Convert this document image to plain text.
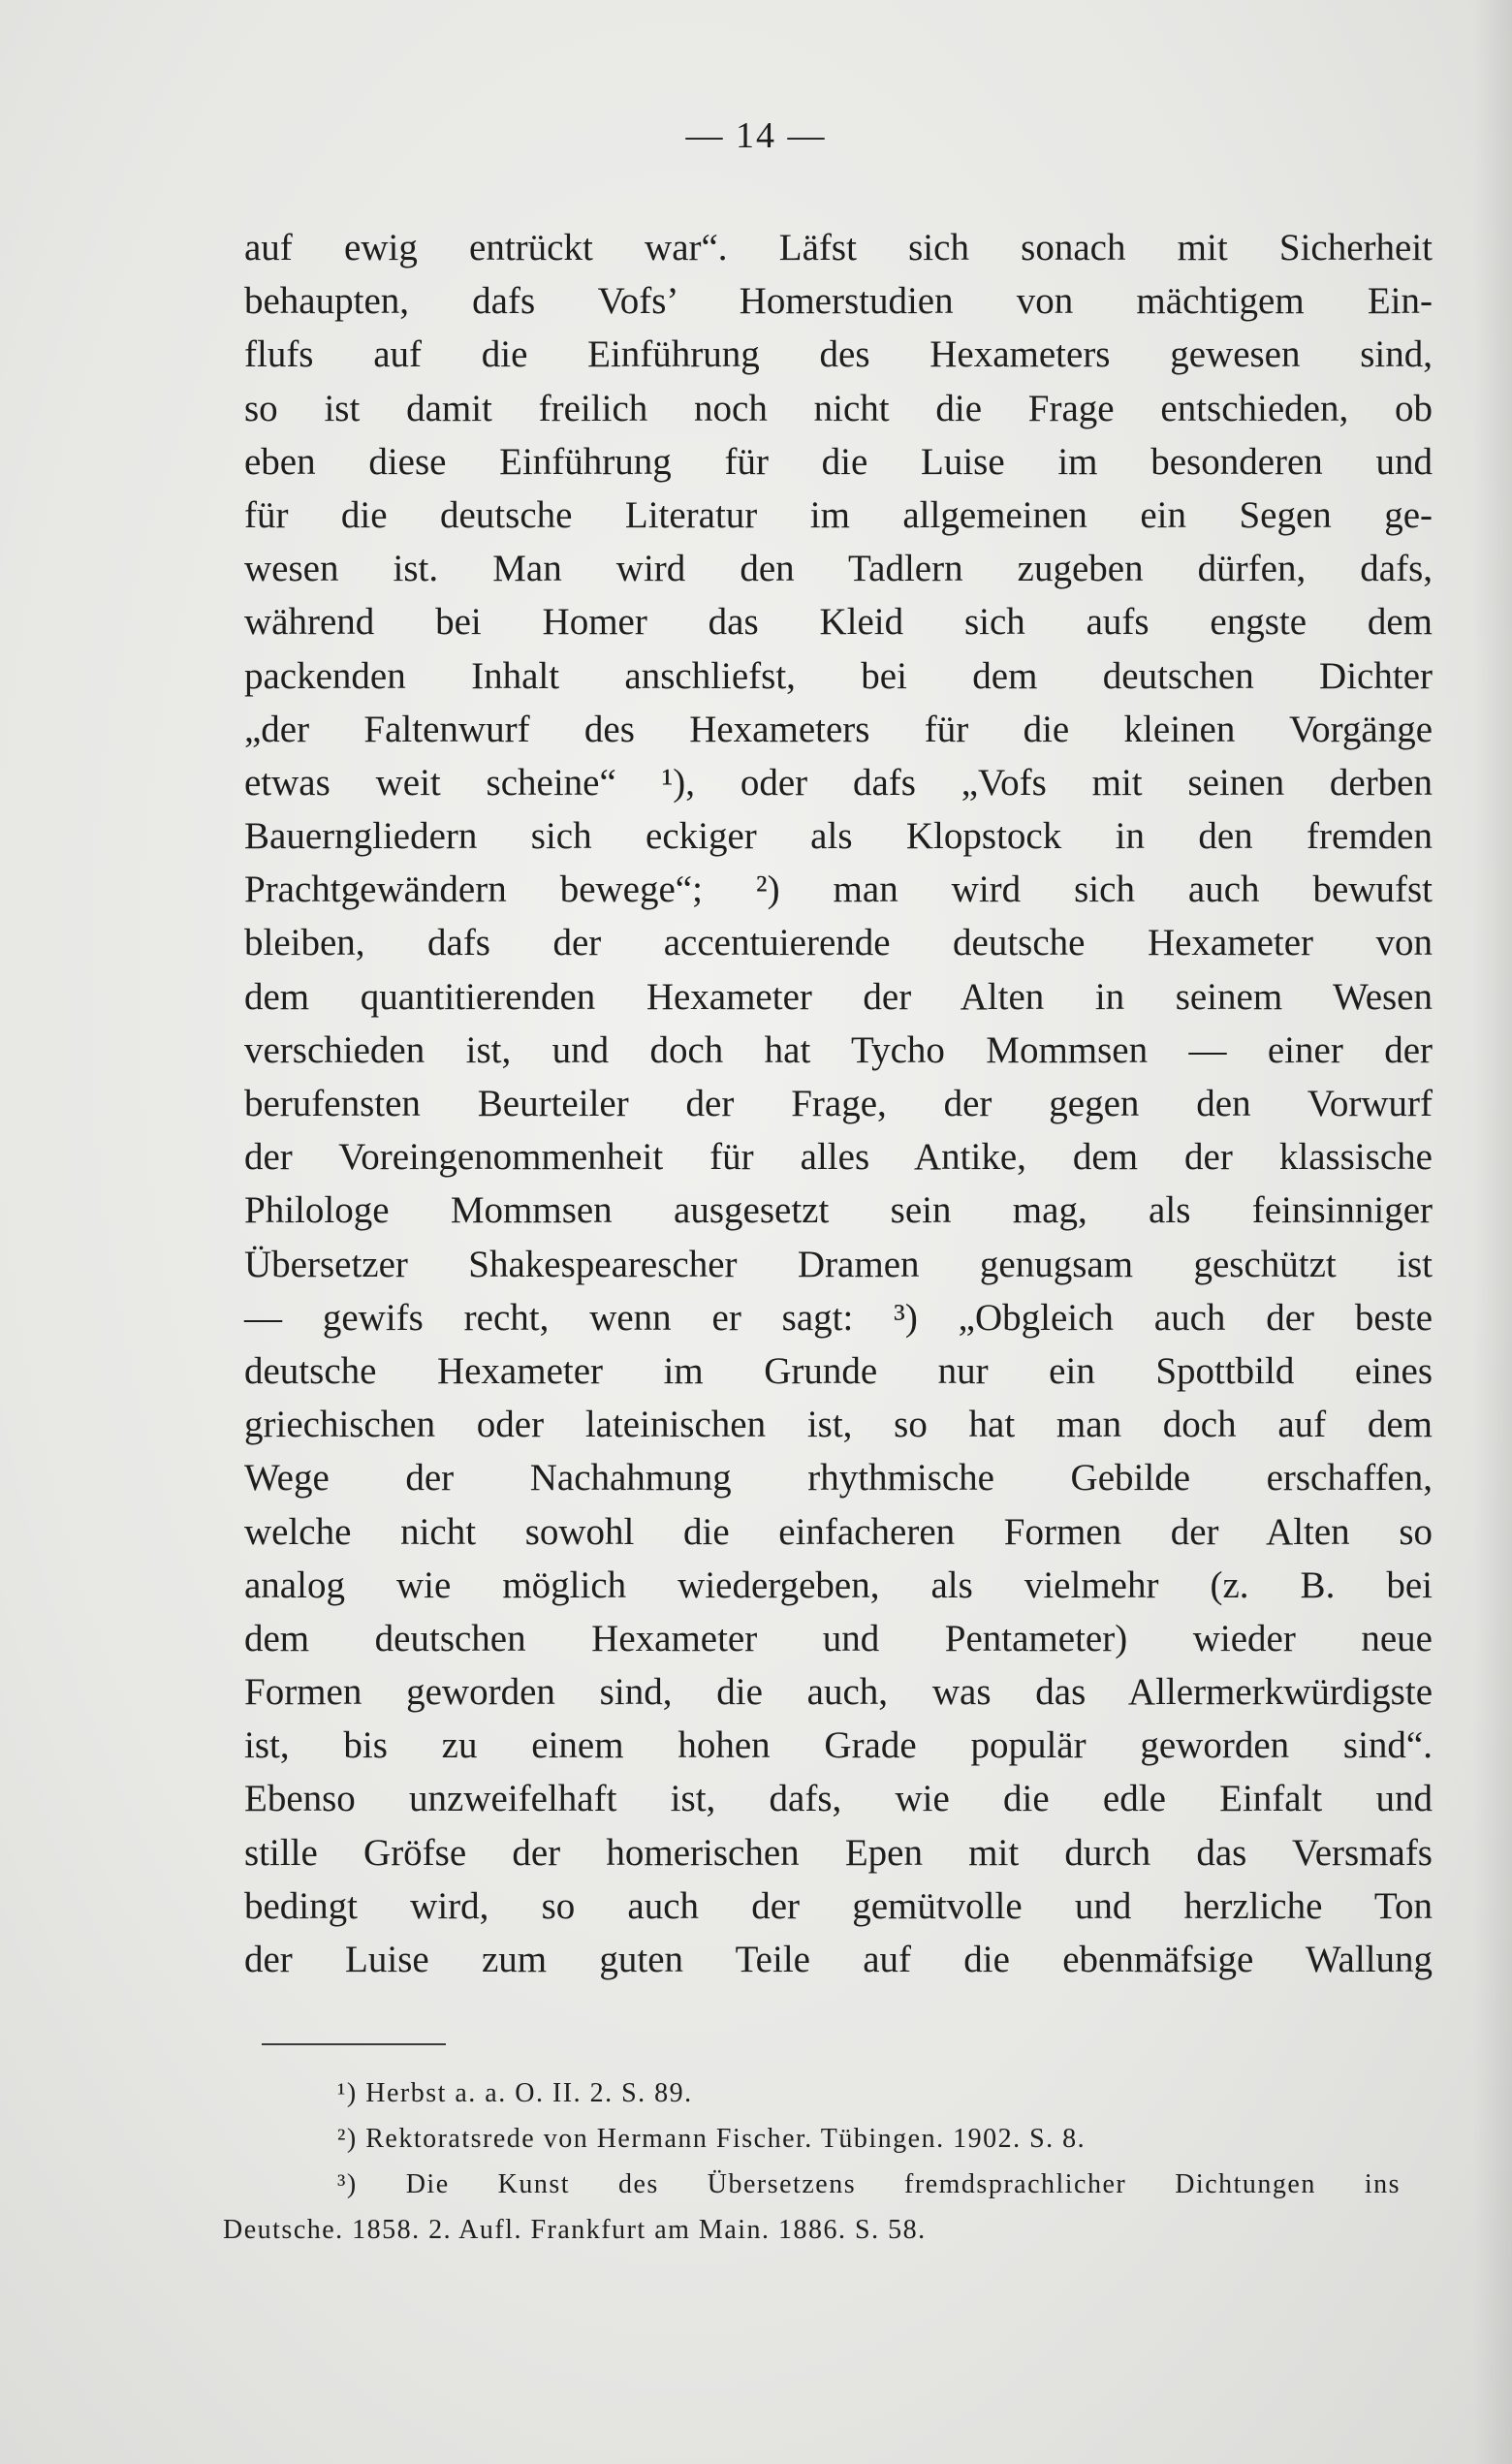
— 14 —
auf ewig entrückt war“. Läfst sich sonach mit Sicherheit
behaupten, dafs Vofs’ Homerstudien von mächtigem Ein-
flufs auf die Einführung des Hexameters gewesen sind,
so ist damit freilich noch nicht die Frage entschieden, ob
eben diese Einführung für die Luise im besonderen und
für die deutsche Literatur im allgemeinen ein Segen ge-
wesen ist. Man wird den Tadlern zugeben dürfen, dafs,
während bei Homer das Kleid sich aufs engste dem
packenden Inhalt anschliefst, bei dem deutschen Dichter
„der Faltenwurf des Hexameters für die kleinen Vorgänge
etwas weit scheine“ ¹), oder dafs „Vofs mit seinen derben
Bauerngliedern sich eckiger als Klopstock in den fremden
Prachtgewändern bewege“; ²) man wird sich auch bewufst
bleiben, dafs der accentuierende deutsche Hexameter von
dem quantitierenden Hexameter der Alten in seinem Wesen
verschieden ist, und doch hat Tycho Mommsen — einer der
berufensten Beurteiler der Frage, der gegen den Vorwurf
der Voreingenommenheit für alles Antike, dem der klassische
Philologe Mommsen ausgesetzt sein mag, als feinsinniger
Übersetzer Shakespearescher Dramen genugsam geschützt ist
— gewifs recht, wenn er sagt: ³) „Obgleich auch der beste
deutsche Hexameter im Grunde nur ein Spottbild eines
griechischen oder lateinischen ist, so hat man doch auf dem
Wege der Nachahmung rhythmische Gebilde erschaffen,
welche nicht sowohl die einfacheren Formen der Alten so
analog wie möglich wiedergeben, als vielmehr (z. B. bei
dem deutschen Hexameter und Pentameter) wieder neue
Formen geworden sind, die auch, was das Allermerkwürdigste
ist, bis zu einem hohen Grade populär geworden sind“.
Ebenso unzweifelhaft ist, dafs, wie die edle Einfalt und
stille Gröfse der homerischen Epen mit durch das Versmafs
bedingt wird, so auch der gemütvolle und herzliche Ton
der Luise zum guten Teile auf die ebenmäfsige Wallung
¹) Herbst a. a. O. II. 2. S. 89.
²) Rektoratsrede von Hermann Fischer. Tübingen. 1902. S. 8.
³) Die Kunst des Übersetzens fremdsprachlicher Dichtungen ins
Deutsche. 1858. 2. Aufl. Frankfurt am Main. 1886. S. 58.
